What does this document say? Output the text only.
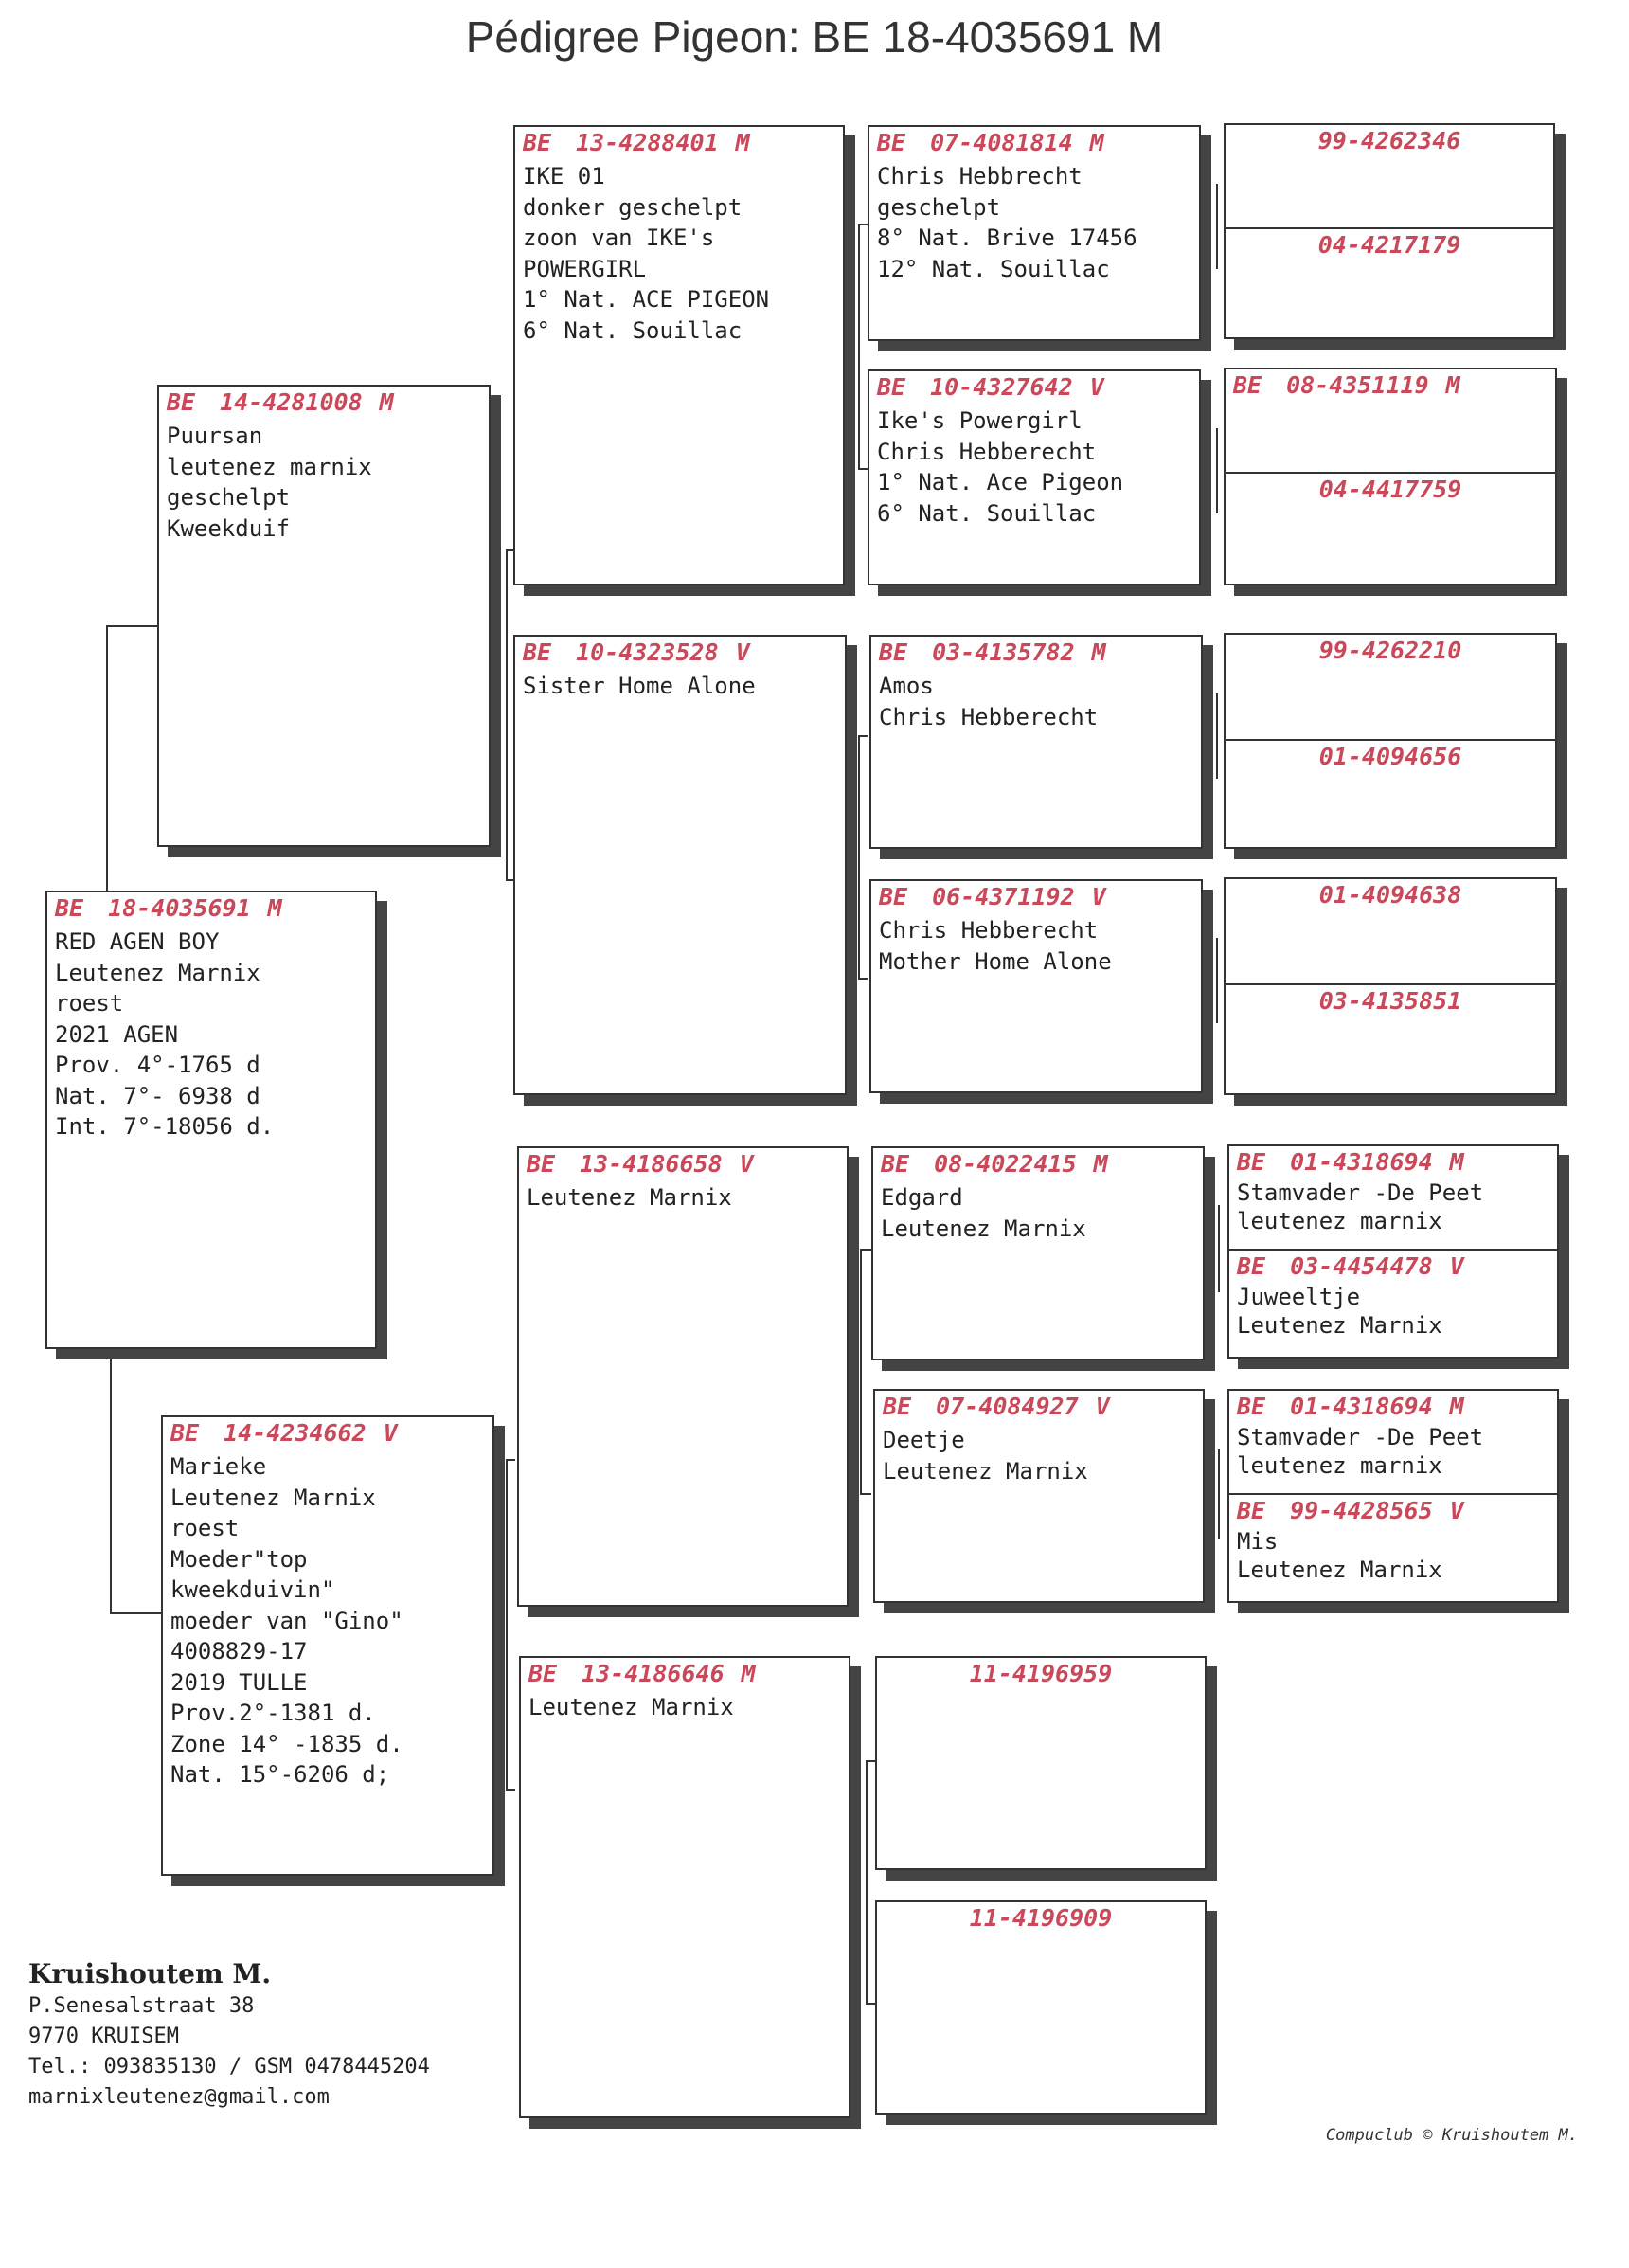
Pédigree Pigeon: BE 18-4035691 M
BE 18-4035691 M
RED AGEN BOY
Leutenez Marnix
roest
2021 AGEN
Prov. 4°-1765 d
Nat. 7°- 6938 d
Int. 7°-18056 d.
BE 14-4281008 M
Puursan
leutenez marnix
geschelpt
Kweekduif
BE 14-4234662 V
Marieke
Leutenez Marnix
roest
Moeder"top
kweekduivin"
moeder van "Gino"
4008829-17
2019 TULLE
Prov.2°-1381 d.
Zone 14° -1835 d.
Nat. 15°-6206 d;
BE 13-4288401 M
IKE 01
donker geschelpt
zoon van IKE's
POWERGIRL
1° Nat. ACE PIGEON
6° Nat. Souillac
BE 10-4323528 V
Sister Home Alone
BE 13-4186658 V
Leutenez Marnix
BE 13-4186646 M
Leutenez Marnix
BE 07-4081814 M
Chris Hebbrecht
geschelpt
8° Nat. Brive 17456
12° Nat. Souillac
BE 10-4327642 V
Ike's Powergirl
Chris Hebberecht
1° Nat. Ace Pigeon
6° Nat. Souillac
BE 03-4135782 M
Amos
Chris Hebberecht
BE 06-4371192 V
Chris Hebberecht
Mother Home Alone
BE 08-4022415 M
Edgard
Leutenez Marnix
BE 07-4084927 V
Deetje
Leutenez Marnix
11-4196959
11-4196909
99-4262346
04-4217179
BE 08-4351119 M
04-4417759
99-4262210
01-4094656
01-4094638
03-4135851
BE 01-4318694 M
Stamvader -De Peet
leutenez marnix
BE 03-4454478 V
Juweeltje
Leutenez Marnix
BE 01-4318694 M
Stamvader -De Peet
leutenez marnix
BE 99-4428565 V
Mis
Leutenez Marnix
Kruishoutem M.
P.Senesalstraat 38
9770 KRUISEM
Tel.: 093835130 / GSM 0478445204
marnixleutenez@gmail.com
Compuclub © Kruishoutem M.
